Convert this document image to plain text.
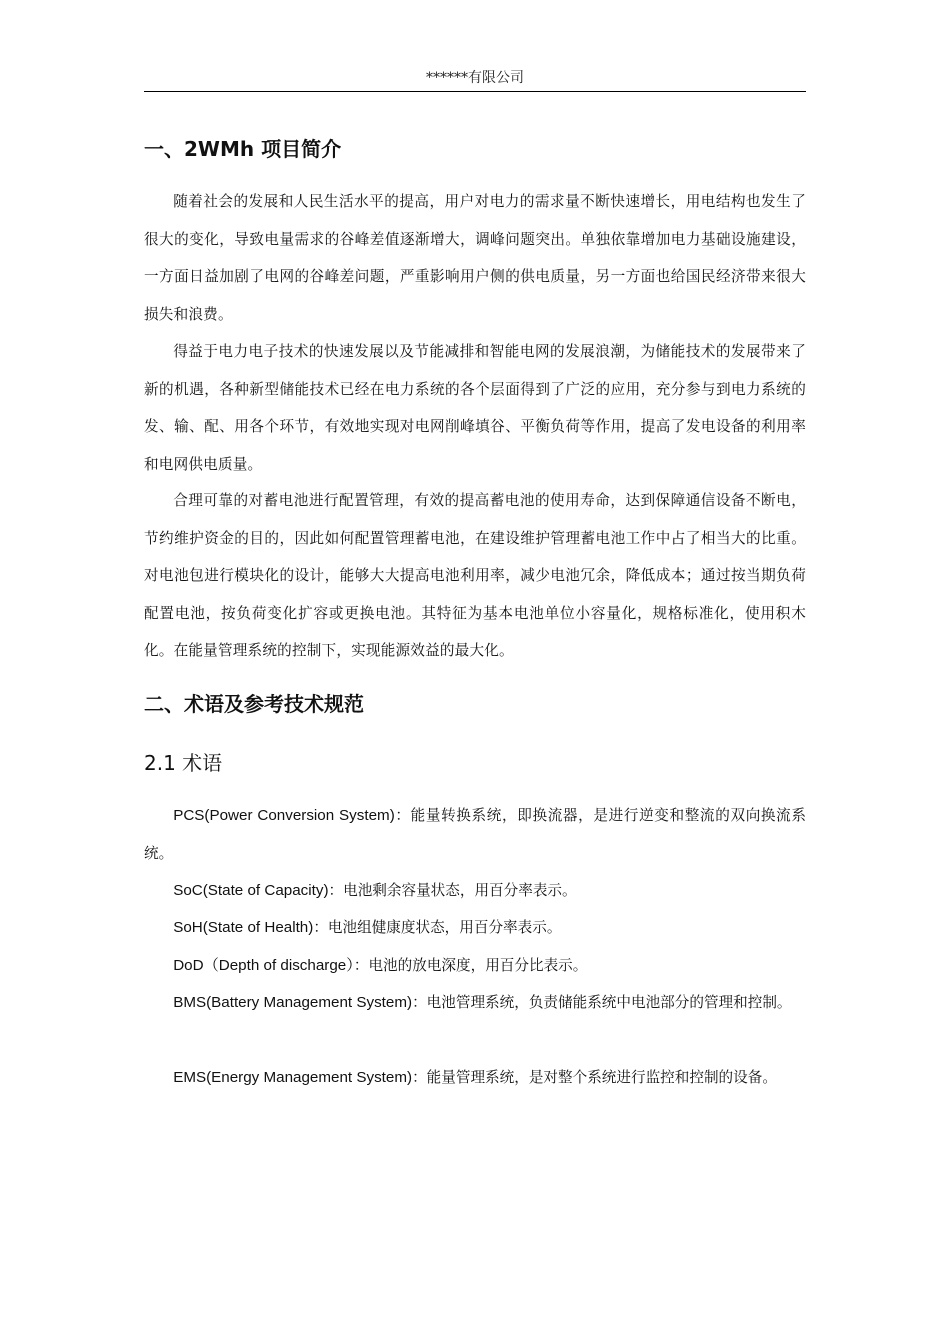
******有限公司
一、2WMh 项目简介

随着社会的发展和人民生活水平的提高，用户对电力的需求量不断快速增长，用电结构也发生了很大的变化，导致电量需求的谷峰差值逐渐增大，调峰问题突出。单独依靠增加电力基础设施建设，一方面日益加剧了电网的谷峰差问题，严重影响用户侧的供电质量，另一方面也给国民经济带来很大损失和浪费。

得益于电力电子技术的快速发展以及节能减排和智能电网的发展浪潮，为储能技术的发展带来了新的机遇，各种新型储能技术已经在电力系统的各个层面得到了广泛的应用，充分参与到电力系统的发、输、配、用各个环节，有效地实现对电网削峰填谷、平衡负荷等作用，提高了发电设备的利用率和电网供电质量。

合理可靠的对蓄电池进行配置管理，有效的提高蓄电池的使用寿命，达到保障通信设备不断电，节约维护资金的目的，因此如何配置管理蓄电池，在建设维护管理蓄电池工作中占了相当大的比重。对电池包进行模块化的设计，能够大大提高电池利用率，减少电池冗余，降低成本；通过按当期负荷配置电池，按负荷变化扩容或更换电池。其特征为基本电池单位小容量化，规格标准化，使用积木化。在能量管理系统的控制下，实现能源效益的最大化。

二、术语及参考技术规范
2.1 术语

PCS(Power Conversion System)：能量转换系统，即换流器，是进行逆变和整流的双向换流系统。

SoC(State of Capacity)：电池剩余容量状态，用百分率表示。

SoH(State of Health)：电池组健康度状态，用百分率表示。

DoD（Depth of discharge）：电池的放电深度，用百分比表示。

BMS(Battery Management System)：电池管理系统，负责储能系统中电池部分的管理和控制。

EMS(Energy Management System)：能量管理系统，是对整个系统进行监控和控制的设备。
